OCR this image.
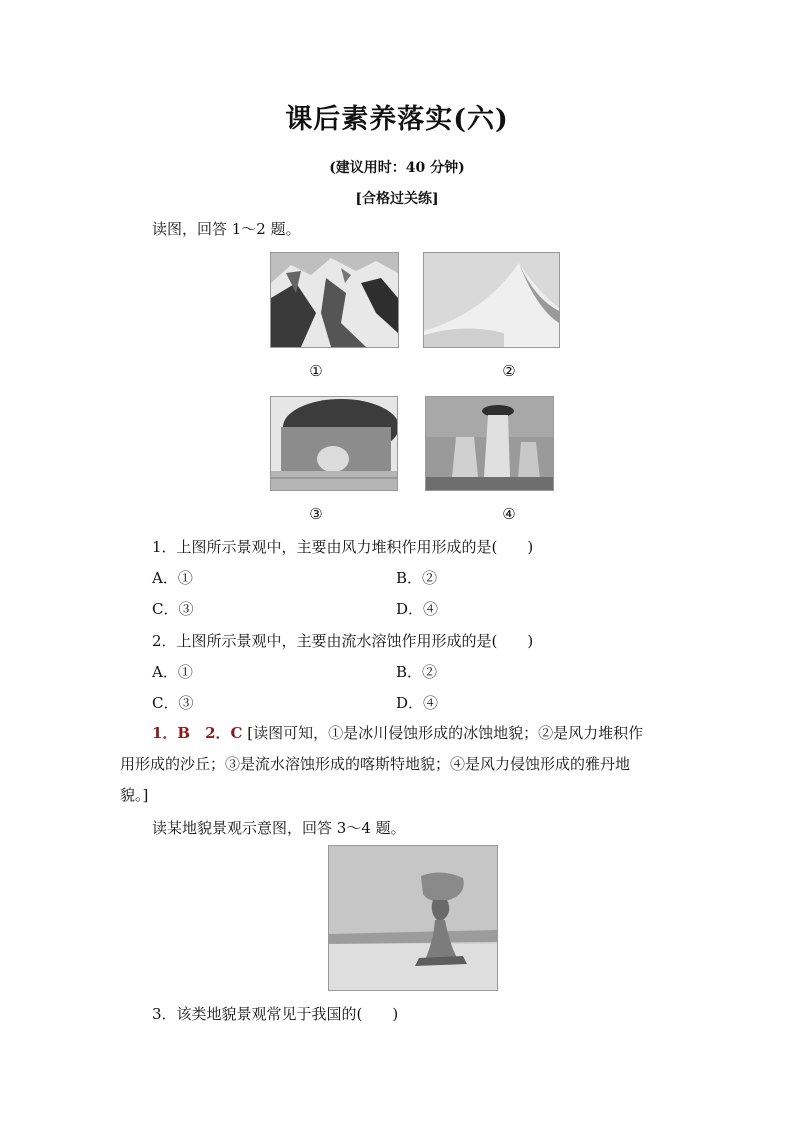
课后素养落实(六)
(建议用时：40 分钟)
[合格过关练]
读图，回答 1～2 题。
①	②
③	④
1．上图所示景观中，主要由风力堆积作用形成的是(　　)
A．①	B．②
C．③	D．④
2．上图所示景观中，主要由流水溶蚀作用形成的是(　　)
A．①	B．②
C．③	D．④
1．B　2．C [读图可知，①是冰川侵蚀形成的冰蚀地貌；②是风力堆积作
用形成的沙丘；③是流水溶蚀形成的喀斯特地貌；④是风力侵蚀形成的雅丹地
貌。]
读某地貌景观示意图，回答 3～4 题。
3．该类地貌景观常见于我国的(　　)
